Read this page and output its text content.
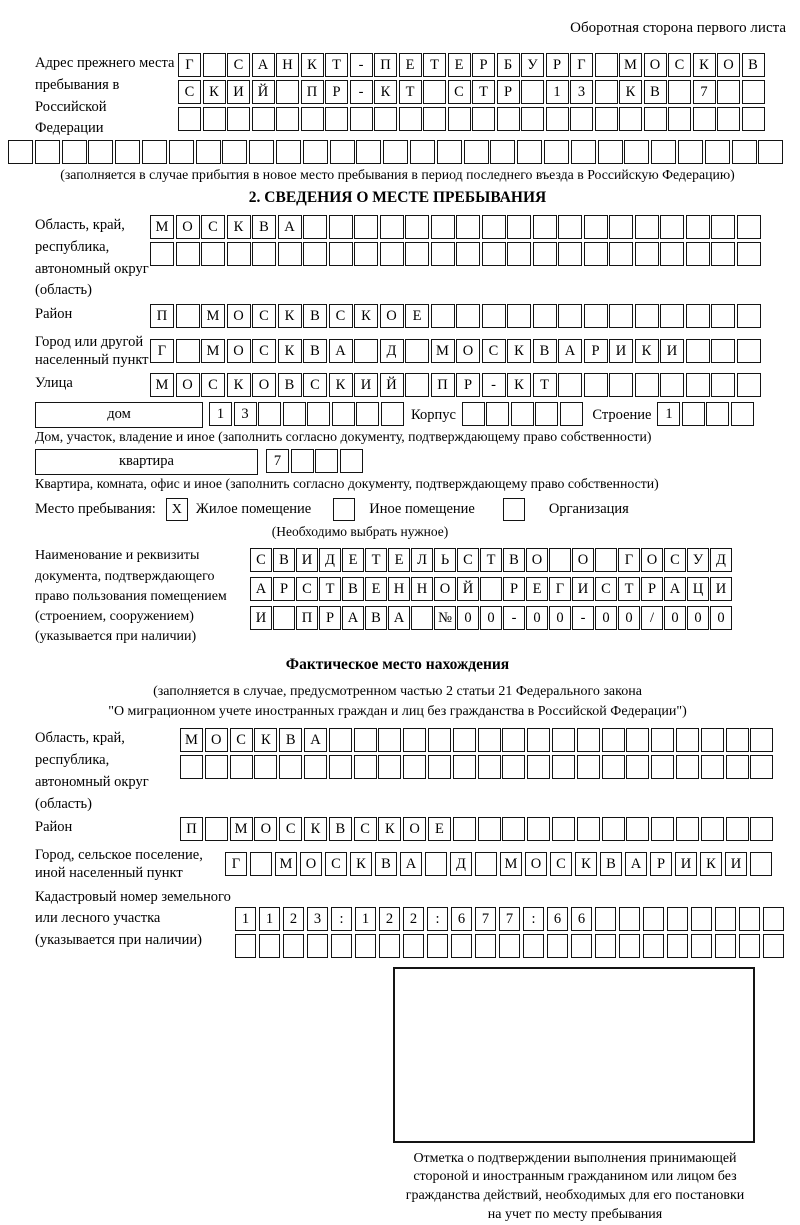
Оборотная сторона первого листа
Адрес прежнего места пребывания в Российской Федерации
Г	С А Н К	Т	-	П	Е	Т	Е	Р	Б	У	Р	Г	М О С	К О В
С	К И Й	П	Р	-	К	Т	С	Т	Р	1	3	К	В	7
(заполняется в случае прибытия в новое место пребывания в период последнего въезда в Российскую Федерацию)
2. СВЕДЕНИЯ О МЕСТЕ ПРЕБЫВАНИЯ
Область, край, республика, автономный округ (область)
М О	С	К	В	А
Район	П	М О	С	К	В	С	К	О	Е
Город или другой населенный пункт
Г	М О	С	К	В	А	Д	М О	С	К	В	А	Р	И	К	И
Улица	М О	С	К	О	В	С	К	И	Й	П	Р	-	К	Т
дом	1	3	Корпус	Строение 1
Дом, участок, владение и иное (заполнить согласно документу, подтверждающему право собственности)
квартира	7
Квартира, комната, офис и иное (заполнить согласно документу, подтверждающему право собственности)
Место пребывания:	X Жилое помещение	Иное помещение	Организация
(Необходимо выбрать нужное)
Наименование и реквизиты документа, подтверждающего право пользования помещением (строением, сооружением) (указывается при наличии)
С В И Д Е Т Е Л Ь С Т В О	О	Г О С У Д
А Р С Т В Е Н Н О Й	Р	Е Г И С Т	Р А Ц И
И	П Р А В А	№ 0	0	-	0	0	-	0	0	/	0	0	0
Фактическое место нахождения
(заполняется в случае, предусмотренном частью 2 статьи 21 Федерального закона
"О миграционном учете иностранных граждан и лиц без гражданства в Российской Федерации")
Область, край, республика, автономный округ (область)
М О	С	К	В	А
Район	П	М О	С	К	В	С	К	О	Е
Город, сельское поселение, иной населенный пункт
Г	М О	С	К	В	А	Д	М О	С	К	В	А	Р	И	К	И
Кадастровый номер земельного или лесного участка (указывается при наличии)
1	1	2	3	:	1	2	2	:	6	7	7	:	6	6
Отметка о подтверждении выполнения принимающей
стороной и иностранным гражданином или лицом без
гражданства действий, необходимых для его постановки
на учет по месту пребывания
